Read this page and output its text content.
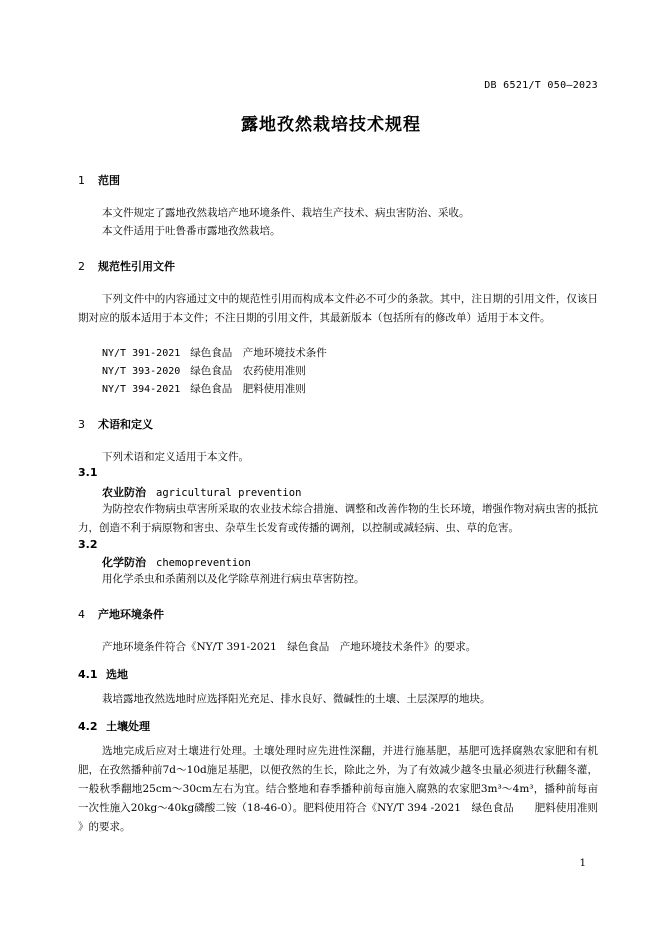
DB 6521/T 050—2023
露地孜然栽培技术规程
1 范围
本文件规定了露地孜然栽培产地环境条件、栽培生产技术、病虫害防治、采收。
本文件适用于吐鲁番市露地孜然栽培。
2 规范性引用文件
下列文件中的内容通过文中的规范性引用而构成本文件必不可少的条款。其中，注日期的引用文件，仅该日期对应的版本适用于本文件；不注日期的引用文件，其最新版本（包括所有的修改单）适用于本文件。
NY/T 391-2021 绿色食品　产地环境技术条件
NY/T 393-2020 绿色食品　农药使用准则
NY/T 394-2021 绿色食品　肥料使用准则
3 术语和定义
下列术语和定义适用于本文件。
3.1
农业防治 agricultural prevention
为防控农作物病虫草害所采取的农业技术综合措施、调整和改善作物的生长环境，增强作物对病虫害的抵抗力，创造不利于病原物和害虫、杂草生长发育或传播的调剂，以控制或减轻病、虫、草的危害。
3.2
化学防治 chemoprevention
用化学杀虫和杀菌剂以及化学除草剂进行病虫草害防控。
4 产地环境条件
产地环境条件符合《NY/T 391-2021　绿色食品　产地环境技术条件》的要求。
4.1 选地
栽培露地孜然选地时应选择阳光充足、排水良好、微碱性的土壤、土层深厚的地块。
4.2 土壤处理
选地完成后应对土壤进行处理。土壤处理时应先进性深翻，并进行施基肥，基肥可选择腐熟农家肥和有机肥，在孜然播种前7d～10d施足基肥，以便孜然的生长，除此之外，为了有效减少越冬虫量必须进行秋翻冬灌，一般秋季翻地25cm～30cm左右为宜。结合整地和春季播种前每亩施入腐熟的农家肥3m³～4m³，播种前每亩一次性施入20kg～40kg磷酸二铵（18-46-0）。肥料使用符合《NY/T 394 -2021　绿色食品　　肥料使用准则 》的要求。
1
